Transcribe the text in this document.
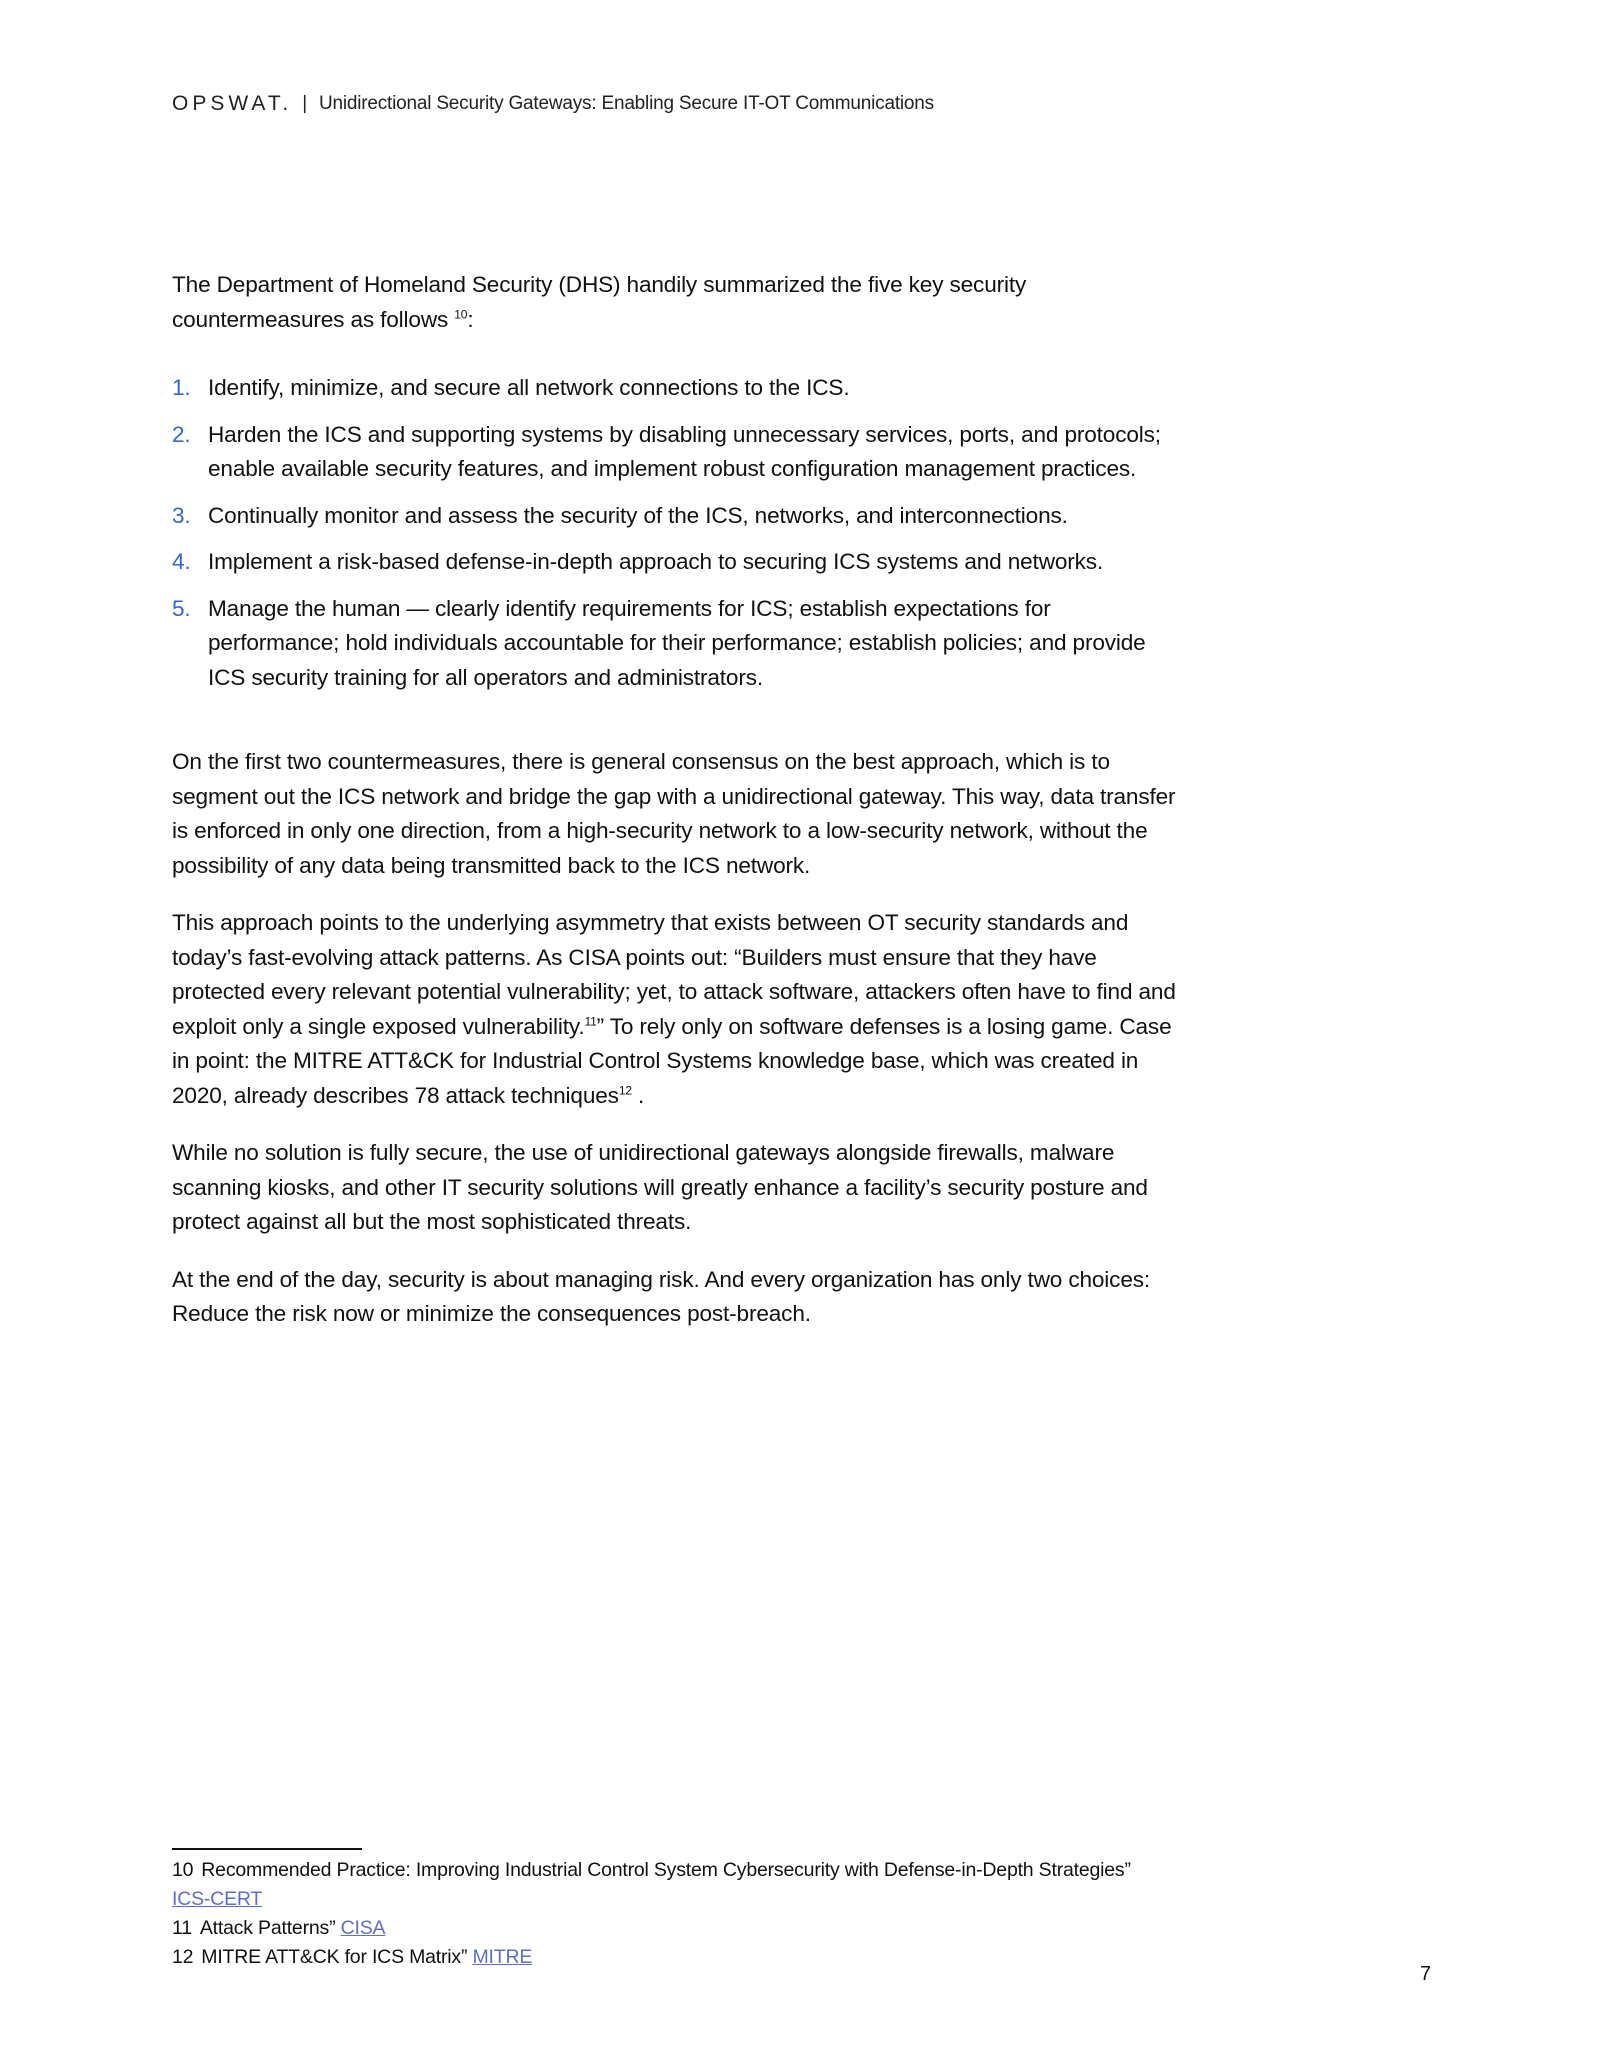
OPSWAT. | Unidirectional Security Gateways: Enabling Secure IT-OT Communications

The Department of Homeland Security (DHS) handily summarized the five key security countermeasures as follows $^{10}$:

1. Identify, minimize, and secure all network connections to the ICS.
2. Harden the ICS and supporting systems by disabling unnecessary services, ports, and protocols; enable available security features, and implement robust configuration management practices.
3. Continually monitor and assess the security of the ICS, networks, and interconnections.
4. Implement a risk-based defense-in-depth approach to securing ICS systems and networks.
5. Manage the human — clearly identify requirements for ICS; establish expectations for performance; hold individuals accountable for their performance; establish policies; and provide ICS security training for all operators and administrators.

On the first two countermeasures, there is general consensus on the best approach, which is to segment out the ICS network and bridge the gap with a unidirectional gateway. This way, data transfer is enforced in only one direction, from a high-security network to a low-security network, without the possibility of any data being transmitted back to the ICS network.

This approach points to the underlying asymmetry that exists between OT security standards and today’s fast-evolving attack patterns. As CISA points out: “Builders must ensure that they have protected every relevant potential vulnerability; yet, to attack software, attackers often have to find and exploit only a single exposed vulnerability.$^{11}$” To rely only on software defenses is a losing game. Case in point: the MITRE ATT&CK for Industrial Control Systems knowledge base, which was created in 2020, already describes 78 attack techniques$^{12}$ .

While no solution is fully secure, the use of unidirectional gateways alongside firewalls, malware scanning kiosks, and other IT security solutions will greatly enhance a facility’s security posture and protect against all but the most sophisticated threats.

At the end of the day, security is about managing risk. And every organization has only two choices: Reduce the risk now or minimize the consequences post-breach.

10 Recommended Practice: Improving Industrial Control System Cybersecurity with Defense-in-Depth Strategies”
ICS-CERT
11 Attack Patterns” CISA
12 MITRE ATT&CK for ICS Matrix” MITRE
7
